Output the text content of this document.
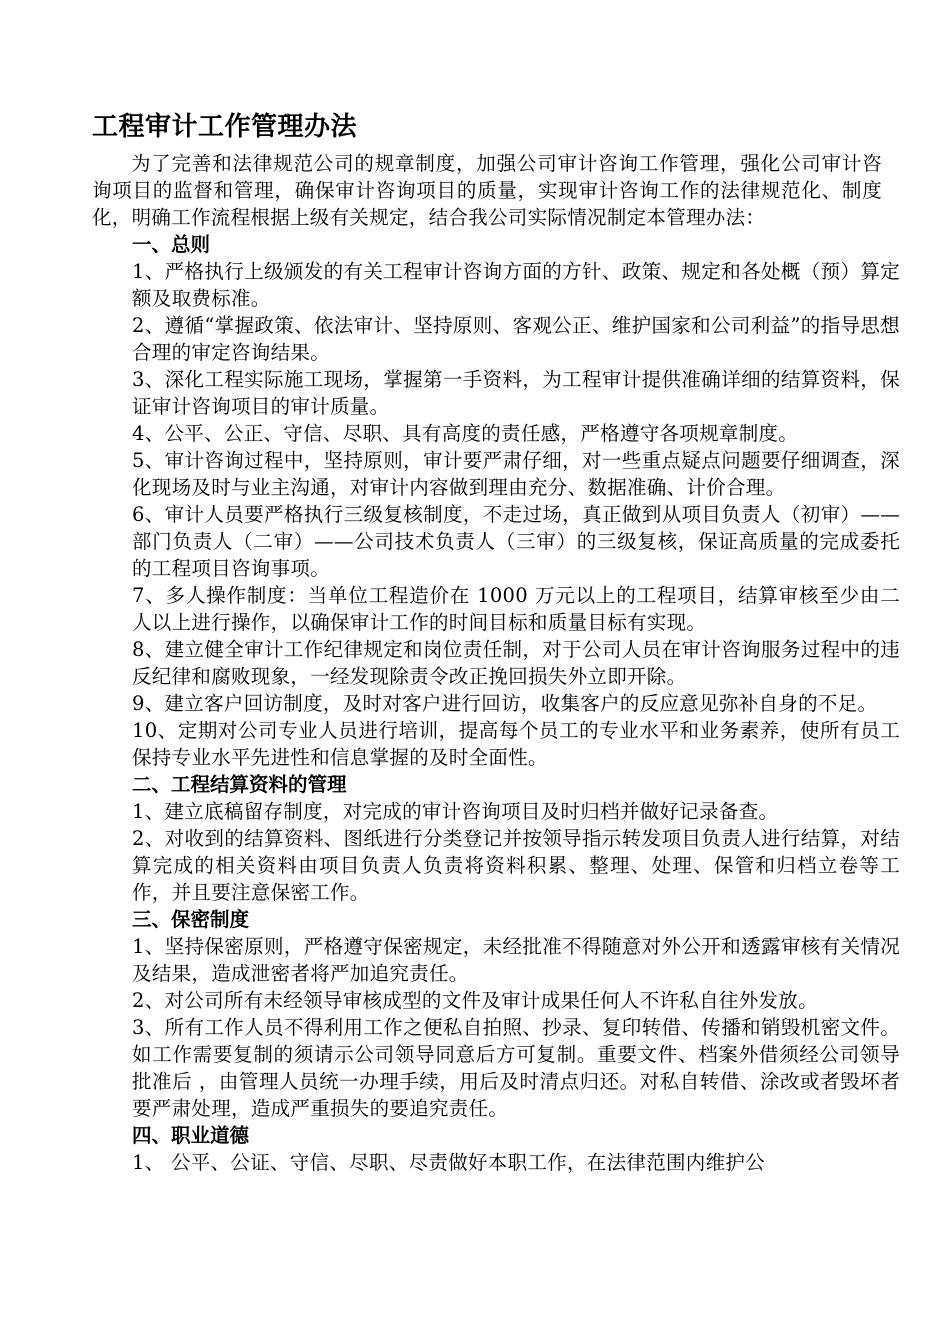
工程审计工作管理办法

为了完善和法律规范公司的规章制度，加强公司审计咨询工作管理，强化公司审计咨询项目的监督和管理，确保审计咨询项目的质量，实现审计咨询工作的法律规范化、制度化，明确工作流程根据上级有关规定，结合我公司实际情况制定本管理办法：

一、总则

1、严格执行上级颁发的有关工程审计咨询方面的方针、政策、规定和各处概（预）算定额及取费标准。

2、遵循“掌握政策、依法审计、坚持原则、客观公正、维护国家和公司利益”的指导思想合理的审定咨询结果。

3、深化工程实际施工现场，掌握第一手资料，为工程审计提供准确详细的结算资料，保证审计咨询项目的审计质量。

4、公平、公正、守信、尽职、具有高度的责任感，严格遵守各项规章制度。

5、审计咨询过程中，坚持原则，审计要严肃仔细，对一些重点疑点问题要仔细调查，深化现场及时与业主沟通，对审计内容做到理由充分、数据准确、计价合理。

6、审计人员要严格执行三级复核制度，不走过场，真正做到从项目负责人（初审）——部门负责人（二审）——公司技术负责人（三审）的三级复核，保证高质量的完成委托的工程项目咨询事项。

7、多人操作制度：当单位工程造价在 1000 万元以上的工程项目，结算审核至少由二人以上进行操作，以确保审计工作的时间目标和质量目标有实现。

8、建立健全审计工作纪律规定和岗位责任制，对于公司人员在审计咨询服务过程中的违反纪律和腐败现象，一经发现除责令改正挽回损失外立即开除。

9、建立客户回访制度，及时对客户进行回访，收集客户的反应意见弥补自身的不足。

10、定期对公司专业人员进行培训，提高每个员工的专业水平和业务素养，使所有员工保持专业水平先进性和信息掌握的及时全面性。

二、工程结算资料的管理

1、建立底稿留存制度，对完成的审计咨询项目及时归档并做好记录备查。

2、对收到的结算资料、图纸进行分类登记并按领导指示转发项目负责人进行结算，对结算完成的相关资料由项目负责人负责将资料积累、整理、处理、保管和归档立卷等工作，并且要注意保密工作。

三、保密制度

1、坚持保密原则，严格遵守保密规定，未经批准不得随意对外公开和透露审核有关情况及结果，造成泄密者将严加追究责任。

2、对公司所有未经领导审核成型的文件及审计成果任何人不许私自往外发放。

3、所有工作人员不得利用工作之便私自拍照、抄录、复印转借、传播和销毁机密文件。如工作需要复制的须请示公司领导同意后方可复制。重要文件、档案外借须经公司领导批准后 ，由管理人员统一办理手续，用后及时清点归还。对私自转借、涂改或者毁坏者要严肃处理，造成严重损失的要追究责任。

四、职业道德

1、 公平、公证、守信、尽职、尽责做好本职工作，在法律范围内维护公
